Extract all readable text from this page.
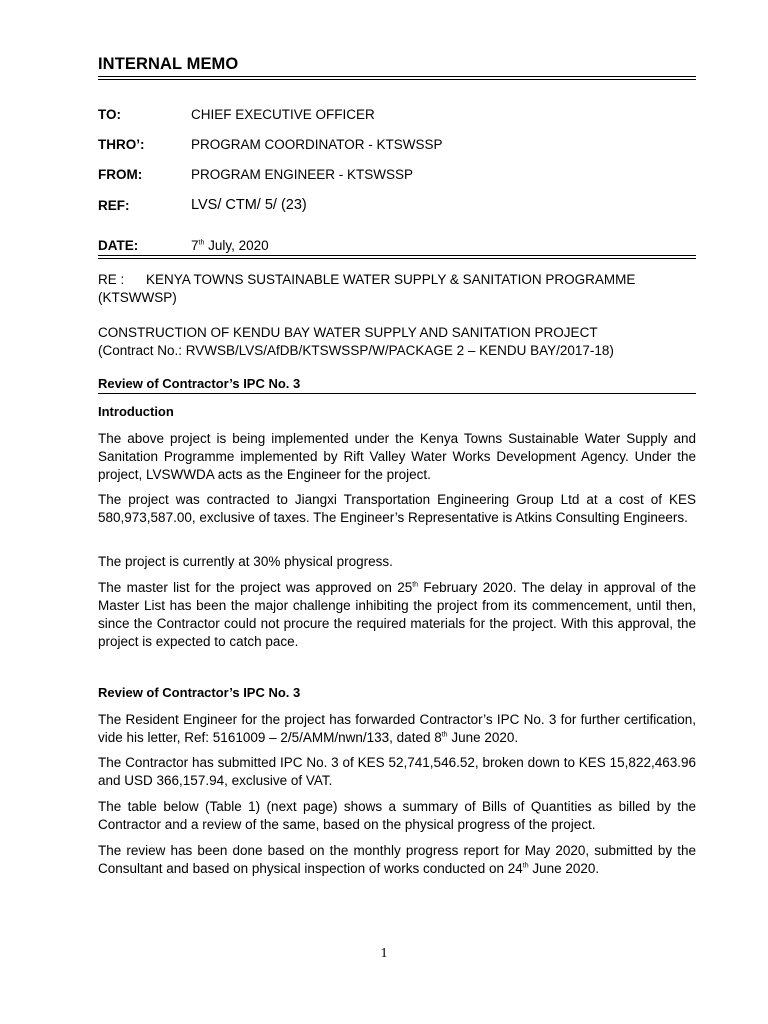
INTERNAL MEMO
TO:	CHIEF EXECUTIVE OFFICER
THRO’:	PROGRAM COORDINATOR - KTSWSSP
FROM:	PROGRAM ENGINEER - KTSWSSP
REF:	LVS/ CTM/ 5/ (23)
DATE:	7th July, 2020
RE : KENYA TOWNS SUSTAINABLE WATER SUPPLY & SANITATION PROGRAMME
(KTSWWSP)
CONSTRUCTION OF KENDU BAY WATER SUPPLY AND SANITATION PROJECT
(Contract No.: RVWSB/LVS/AfDB/KTSWSSP/W/PACKAGE 2 – KENDU BAY/2017-18)
Review of Contractor’s IPC No. 3
Introduction
The above project is being implemented under the Kenya Towns Sustainable Water Supply and Sanitation Programme implemented by Rift Valley Water Works Development Agency. Under the project, LVSWWDA acts as the Engineer for the project.
The project was contracted to Jiangxi Transportation Engineering Group Ltd at a cost of KES 580,973,587.00, exclusive of taxes. The Engineer’s Representative is Atkins Consulting Engineers.
The project is currently at 30% physical progress.
The master list for the project was approved on 25th February 2020. The delay in approval of the Master List has been the major challenge inhibiting the project from its commencement, until then, since the Contractor could not procure the required materials for the project. With this approval, the project is expected to catch pace.
Review of Contractor’s IPC No. 3
The Resident Engineer for the project has forwarded Contractor’s IPC No. 3 for further certification, vide his letter, Ref: 5161009 – 2/5/AMM/nwn/133, dated 8th June 2020.
The Contractor has submitted IPC No. 3 of KES 52,741,546.52, broken down to KES 15,822,463.96 and USD 366,157.94, exclusive of VAT.
The table below (Table 1) (next page) shows a summary of Bills of Quantities as billed by the Contractor and a review of the same, based on the physical progress of the project.
The review has been done based on the monthly progress report for May 2020, submitted by the Consultant and based on physical inspection of works conducted on 24th June 2020.
1
